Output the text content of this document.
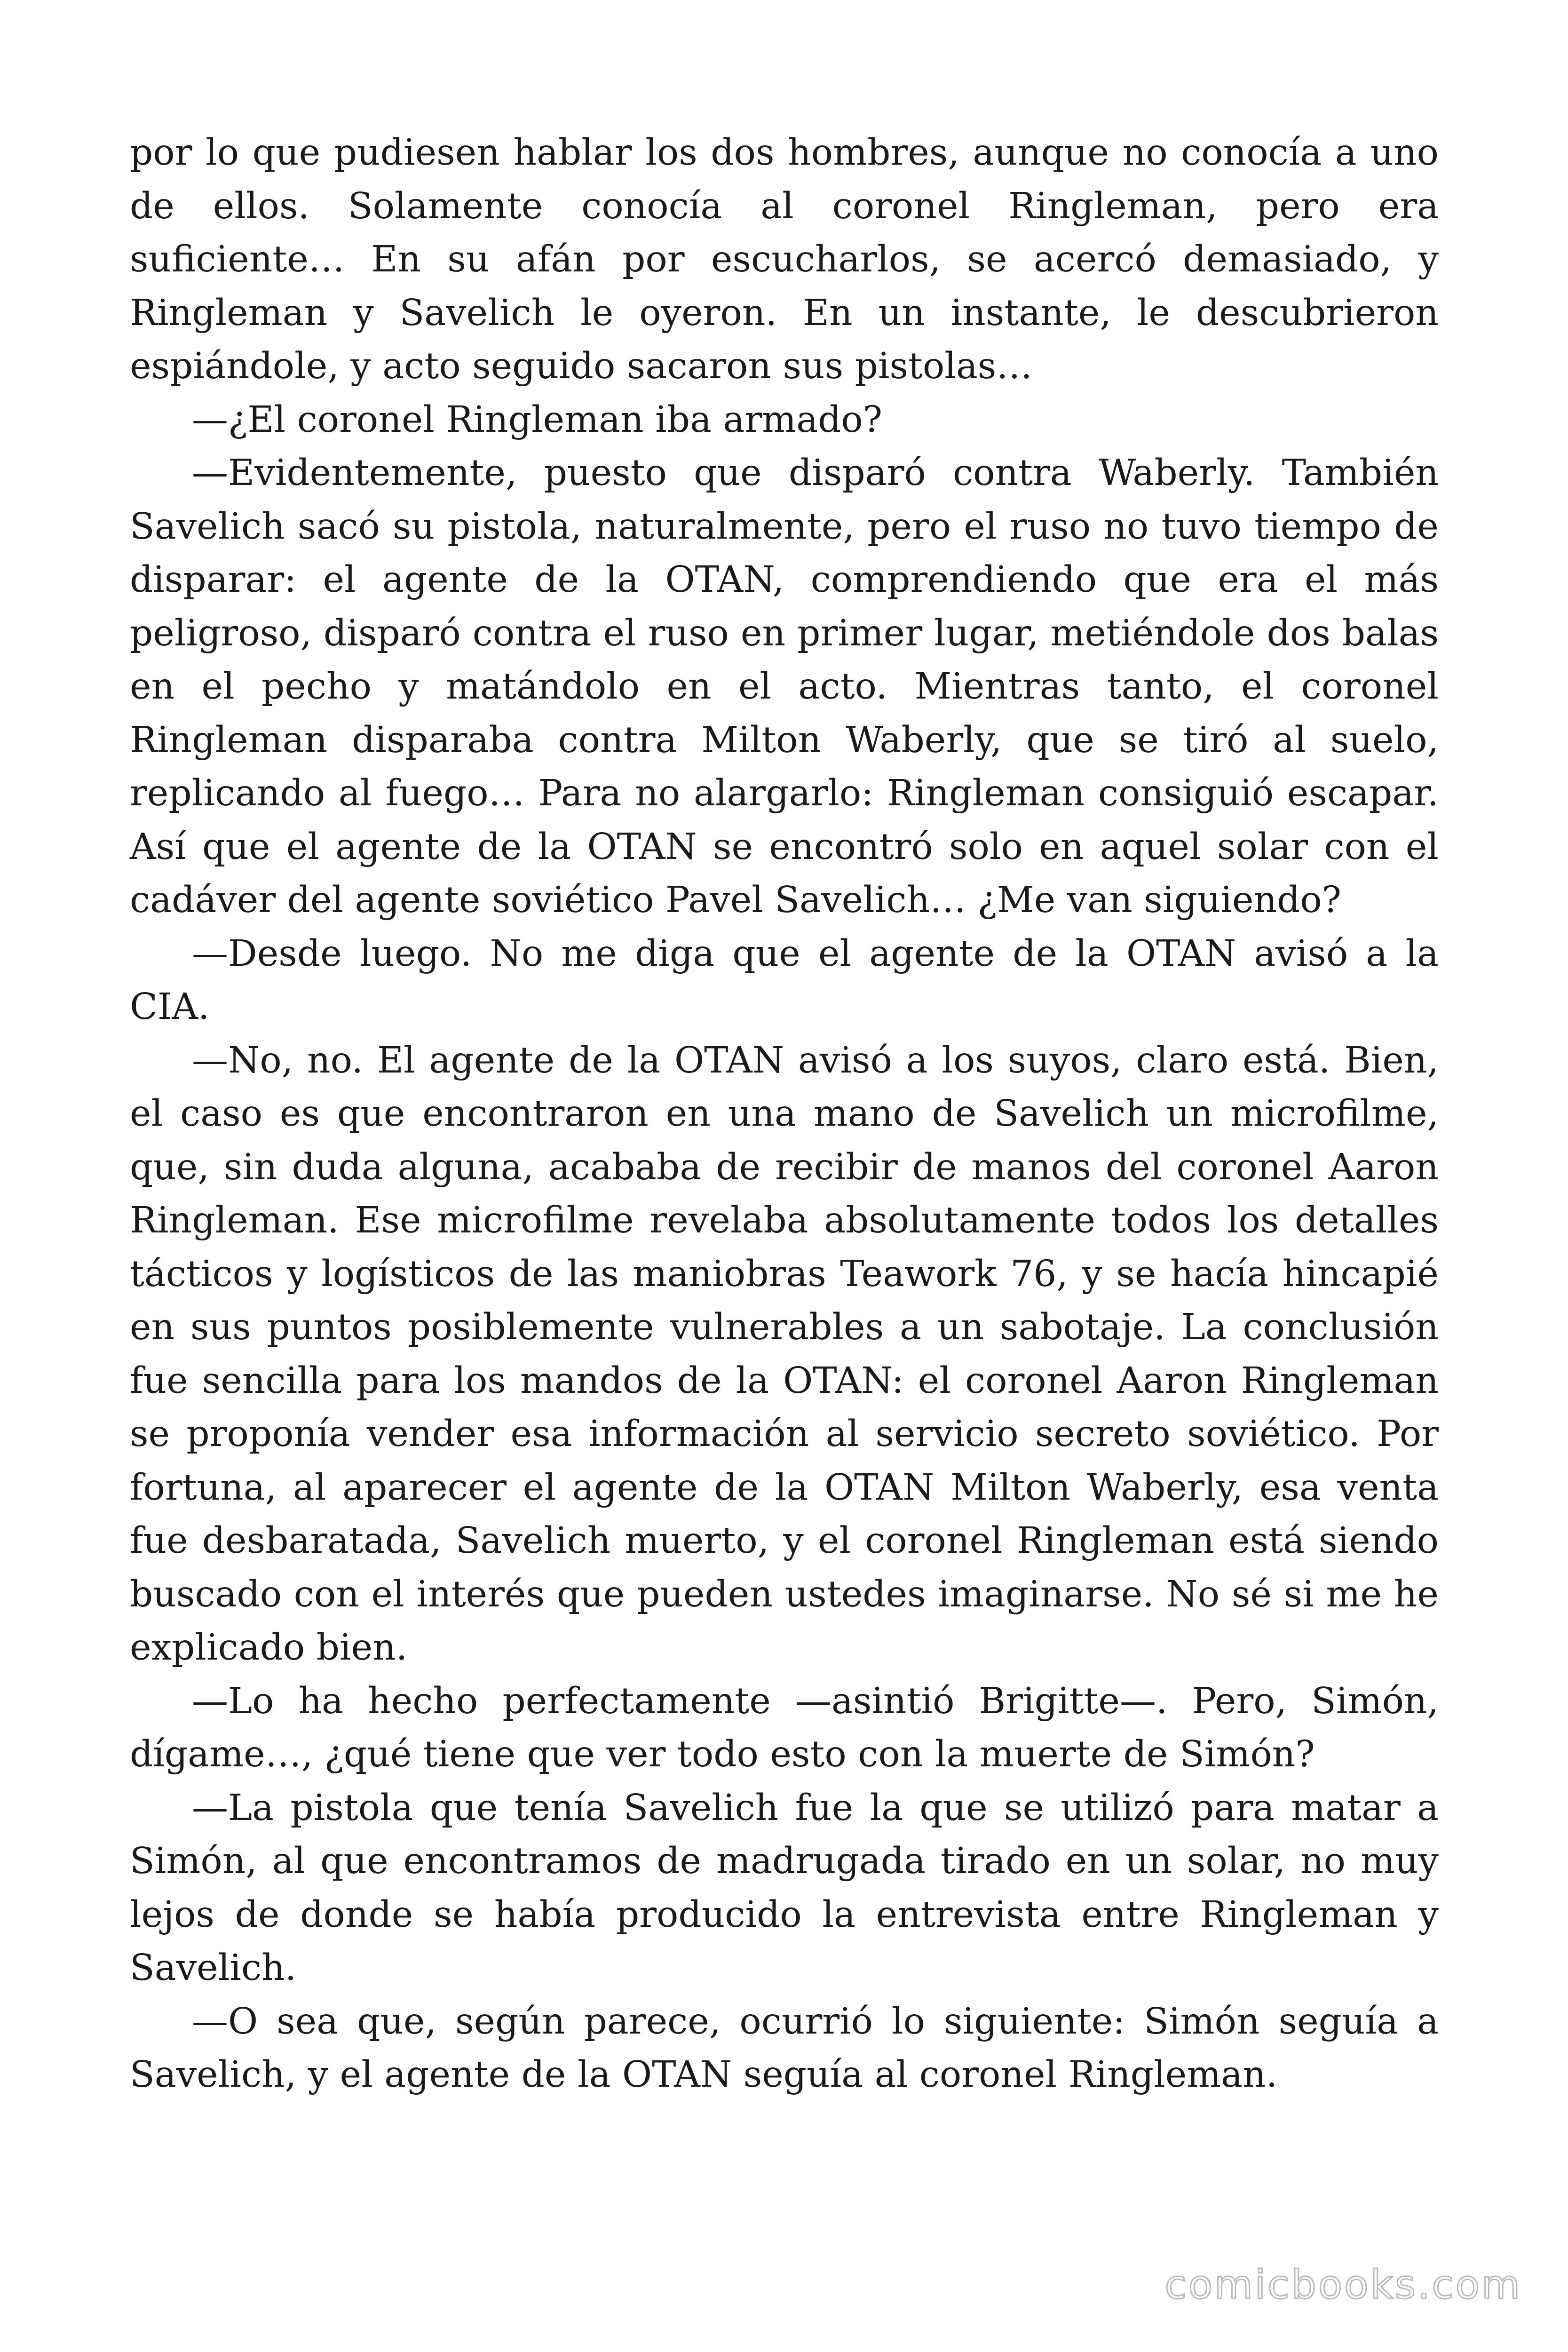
por lo que pudiesen hablar los dos hombres, aunque no conocía a uno de ellos. Solamente conocía al coronel Ringleman, pero era suficiente… En su afán por escucharlos, se acercó demasiado, y Ringleman y Savelich le oyeron. En un instante, le descubrieron espiándole, y acto seguido sacaron sus pistolas…

—¿El coronel Ringleman iba armado?

—Evidentemente, puesto que disparó contra Waberly. También Savelich sacó su pistola, naturalmente, pero el ruso no tuvo tiempo de disparar: el agente de la OTAN, comprendiendo que era el más peligroso, disparó contra el ruso en primer lugar, metiéndole dos balas en el pecho y matándolo en el acto. Mientras tanto, el coronel Ringleman disparaba contra Milton Waberly, que se tiró al suelo, replicando al fuego… Para no alargarlo: Ringleman consiguió escapar. Así que el agente de la OTAN se encontró solo en aquel solar con el cadáver del agente soviético Pavel Savelich… ¿Me van siguiendo?

—Desde luego. No me diga que el agente de la OTAN avisó a la CIA.

—No, no. El agente de la OTAN avisó a los suyos, claro está. Bien, el caso es que encontraron en una mano de Savelich un microfilme, que, sin duda alguna, acababa de recibir de manos del coronel Aaron Ringleman. Ese microfilme revelaba absolutamente todos los detalles tácticos y logísticos de las maniobras Teawork 76, y se hacía hincapié en sus puntos posiblemente vulnerables a un sabotaje. La conclusión fue sencilla para los mandos de la OTAN: el coronel Aaron Ringleman se proponía vender esa información al servicio secreto soviético. Por fortuna, al aparecer el agente de la OTAN Milton Waberly, esa venta fue desbaratada, Savelich muerto, y el coronel Ringleman está siendo buscado con el interés que pueden ustedes imaginarse. No sé si me he explicado bien.

—Lo ha hecho perfectamente —asintió Brigitte—. Pero, Simón, dígame…, ¿qué tiene que ver todo esto con la muerte de Simón?

—La pistola que tenía Savelich fue la que se utilizó para matar a Simón, al que encontramos de madrugada tirado en un solar, no muy lejos de donde se había producido la entrevista entre Ringleman y Savelich.

—O sea que, según parece, ocurrió lo siguiente: Simón seguía a Savelich, y el agente de la OTAN seguía al coronel Ringleman.

comicbooks.com
